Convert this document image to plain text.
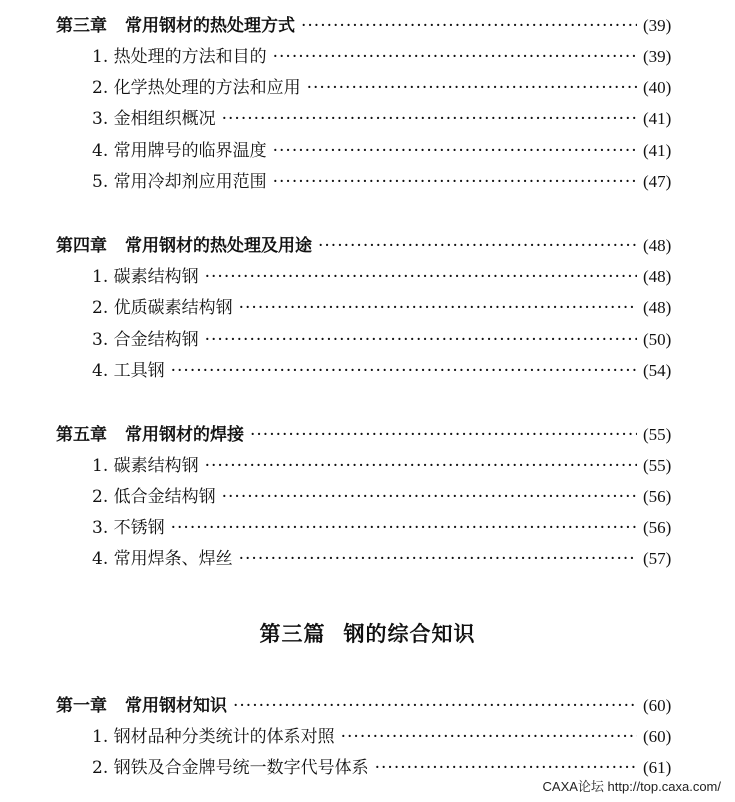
第三章 常用钢材的热处理方式 ·····	(39)
1. 热处理的方法和目的 ·····	(39)
2. 化学热处理的方法和应用 ·····	(40)
3. 金相组织概况 ·····	(41)
4. 常用牌号的临界温度 ·····	(41)
5. 常用冷却剂应用范围 ·····	(47)
第四章 常用钢材的热处理及用途 ·····	(48)
1. 碳素结构钢 ·····	(48)
2. 优质碳素结构钢 ·····	(48)
3. 合金结构钢 ·····	(50)
4. 工具钢 ·····	(54)
第五章 常用钢材的焊接 ·····	(55)
1. 碳素结构钢 ·····	(55)
2. 低合金结构钢 ·····	(56)
3. 不锈钢 ·····	(56)
4. 常用焊条、焊丝 ·····	(57)
第三篇 钢的综合知识
第一章 常用钢材知识 ·····	(60)
1. 钢材品种分类统计的体系对照 ·····	(60)
2. 钢铁及合金牌号统一数字代号体系 ·····	(61)
CAXA论坛 http://top.caxa.com/
